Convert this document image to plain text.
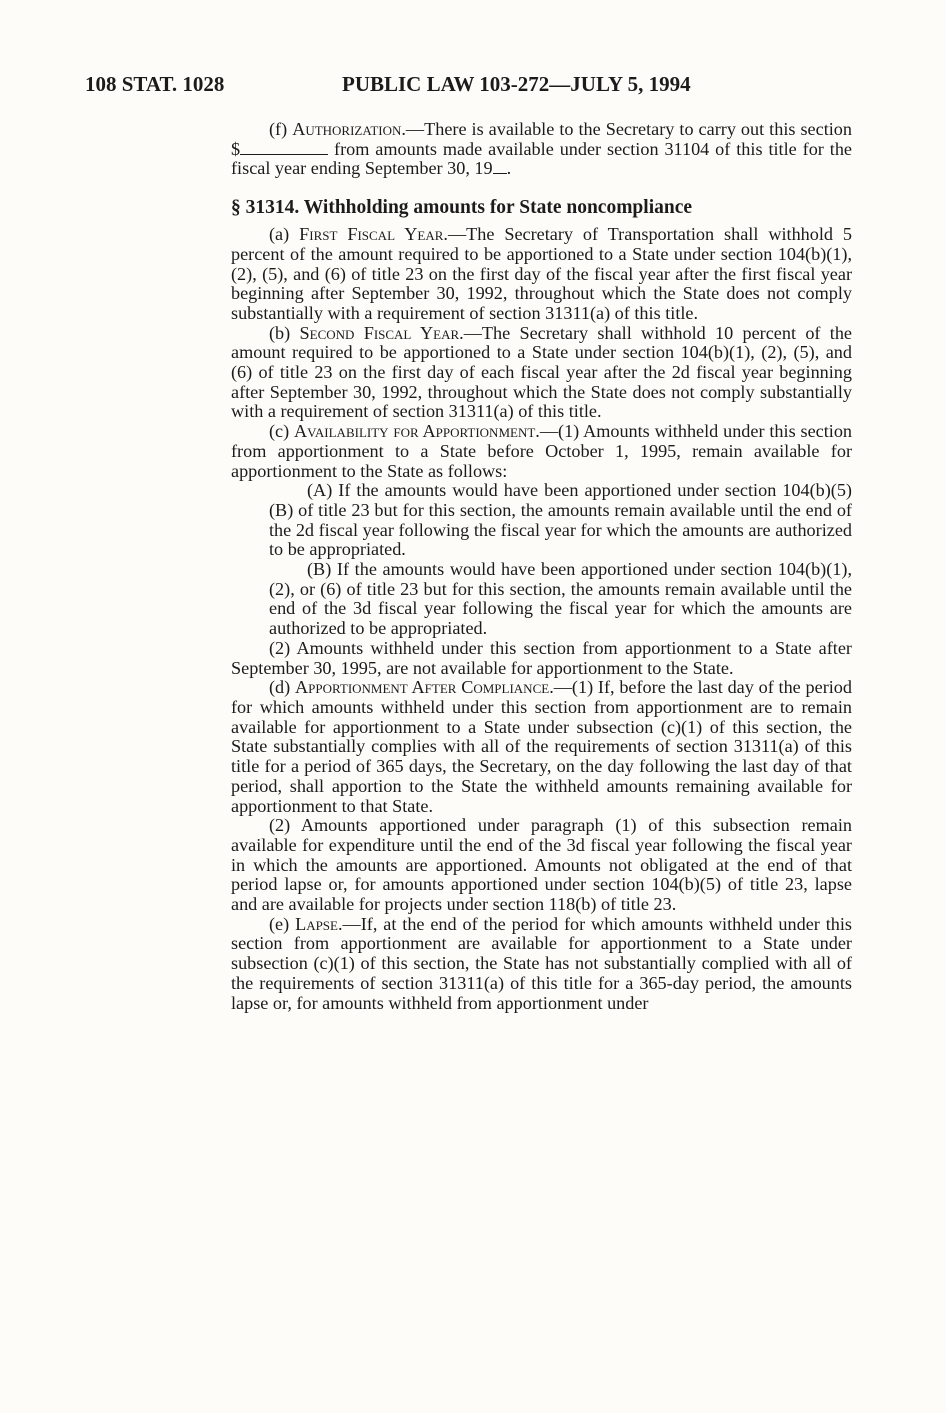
108 STAT. 1028	PUBLIC LAW 103-272—JULY 5, 1994

(f) Authorization.—There is available to the Secretary to carry out this section $	from amounts made available under section 31104 of this title for the fiscal year ending September 30, 19 .

§ 31314. Withholding amounts for State noncompliance

(a) First Fiscal Year.—The Secretary of Transportation shall withhold 5 percent of the amount required to be apportioned to a State under section 104(b)(1), (2), (5), and (6) of title 23 on the first day of the fiscal year after the first fiscal year beginning after September 30, 1992, throughout which the State does not comply substantially with a requirement of section 31311(a) of this title.

(b) Second Fiscal Year.—The Secretary shall withhold 10 percent of the amount required to be apportioned to a State under section 104(b)(1), (2), (5), and (6) of title 23 on the first day of each fiscal year after the 2d fiscal year beginning after September 30, 1992, throughout which the State does not comply substantially with a requirement of section 31311(a) of this title.

(c) Availability for Apportionment.—(1) Amounts withheld under this section from apportionment to a State before October 1, 1995, remain available for apportionment to the State as follows:

(A) If the amounts would have been apportioned under section 104(b)(5)(B) of title 23 but for this section, the amounts remain available until the end of the 2d fiscal year following the fiscal year for which the amounts are authorized to be appropriated.

(B) If the amounts would have been apportioned under section 104(b)(1), (2), or (6) of title 23 but for this section, the amounts remain available until the end of the 3d fiscal year following the fiscal year for which the amounts are authorized to be appropriated.

(2) Amounts withheld under this section from apportionment to a State after September 30, 1995, are not available for apportionment to the State.

(d) Apportionment After Compliance.—(1) If, before the last day of the period for which amounts withheld under this section from apportionment are to remain available for apportionment to a State under subsection (c)(1) of this section, the State substantially complies with all of the requirements of section 31311(a) of this title for a period of 365 days, the Secretary, on the day following the last day of that period, shall apportion to the State the withheld amounts remaining available for apportionment to that State.

(2) Amounts apportioned under paragraph (1) of this subsection remain available for expenditure until the end of the 3d fiscal year following the fiscal year in which the amounts are apportioned. Amounts not obligated at the end of that period lapse or, for amounts apportioned under section 104(b)(5) of title 23, lapse and are available for projects under section 118(b) of title 23.

(e) Lapse.—If, at the end of the period for which amounts withheld under this section from apportionment are available for apportionment to a State under subsection (c)(1) of this section, the State has not substantially complied with all of the requirements of section 31311(a) of this title for a 365-day period, the amounts lapse or, for amounts withheld from apportionment under
